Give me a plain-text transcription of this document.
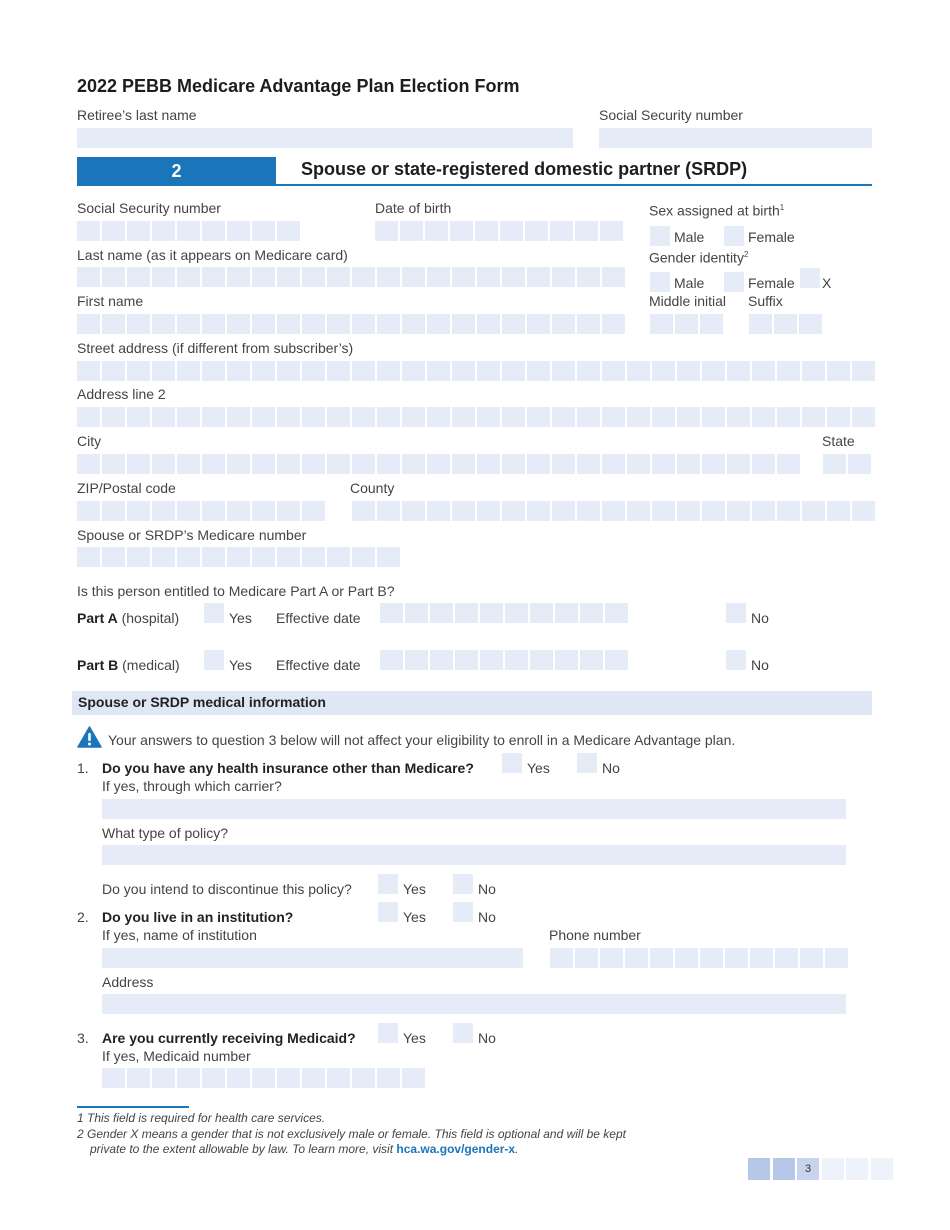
2022 PEBB Medicare Advantage Plan Election Form
Retiree’s last name	Social Security number
2	Spouse or state-registered domestic partner (SRDP)
Social Security number	Date of birth	Sex assigned at birth$^1$
Male	Female
Last name (as it appears on Medicare card)	Gender identity$^2$
Male	Female X
First name	Middle initial Suffix
Street address (if different from subscriber’s)
Address line 2
City	State
ZIP/Postal code	County
Spouse or SRDP’s Medicare number
Is this person entitled to Medicare Part A or Part B?
Part A (hospital)	Yes Effective date	No
Part B (medical)	Yes Effective date	No
Spouse or SRDP medical information
Your answers to question 3 below will not affect your eligibility to enroll in a Medicare Advantage plan.
1. Do you have any health insurance other than Medicare?	Yes	No
If yes, through which carrier?
What type of policy?
Do you intend to discontinue this policy?	Yes	No
2. Do you live in an institution?	Yes	No
If yes, name of institution	Phone number
Address
3. Are you currently receiving Medicaid?	Yes	No
If yes, Medicaid number
1 This field is required for health care services.
2 Gender X means a gender that is not exclusively male or female. This field is optional and will be kept
private to the extent allowable by law. To learn more, visit hca.wa.gov/gender-x.
3
